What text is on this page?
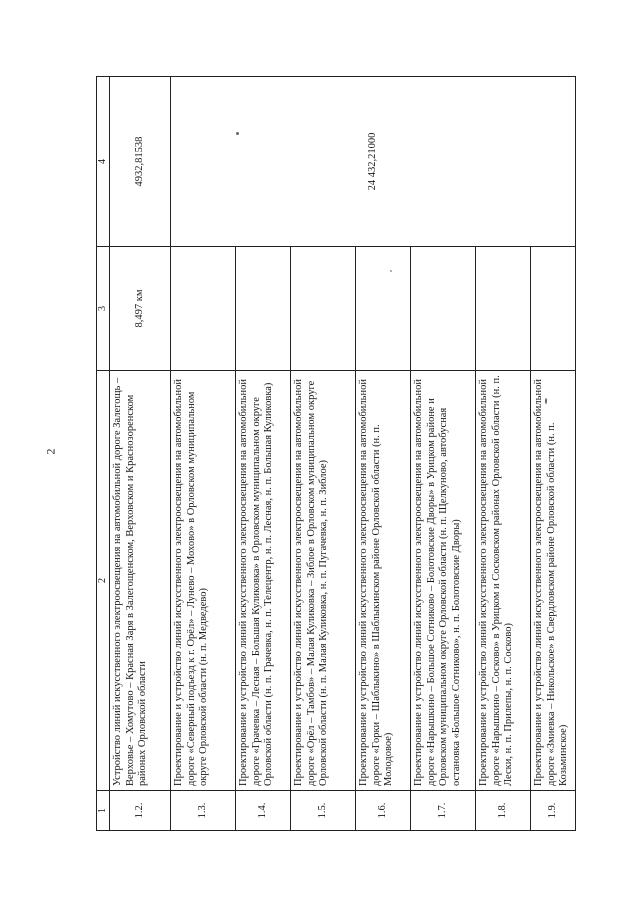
2
1	2	3	4
1.2.	Устройство линий искусственного электроосвещения на автомобильной дороге Залегощь – Верховье – Хомутово – Красная Заря в Залегощенском, Верховском и Краснозоренском районах Орловской области	8,497 км	4932,81538
1.3.	Проектирование и устройство линий искусственного электроосвещения на автомобильной дороге «Северный подъезд к г. Орёл» – Лунево – Мохово» в Орловском муниципальном округе Орловской области (н. п. Медведево)		24 432,21000
1.4.	Проектирование и устройство линий искусственного электроосвещения на автомобильной дороге «Грачевка – Лесная – Большая Куликовка» в Орловском муниципальном округе Орловской области (н. п. Грачевка, н. п. Телецентр, н. п. Лесная, н. п. Большая Куликовка)		
1.5.	Проектирование и устройство линий искусственного электроосвещения на автомобильной дороге «Орёл – Тамбов» – Малая Куликовка – Зиблое в Орловском муниципальном округе Орловской области (н. п. Малая Куликовка, н. п. Пугачевка, н. п. Зиблое)		
1.6.	Проектирование и устройство линий искусственного электроосвещения на автомобильной дороге «Горки – Шаблыкино» в Шаблыкинском районе Орловской области (н. п. Молодовое)		
1.7.	Проектирование и устройство линий искусственного электроосвещения на автомобильной дороге «Нарышкино – Большое Сотниково – Болотовские Дворы» в Урицком районе и Орловском муниципальном округе Орловской области (н. п. Щелкуново, автобусная остановка «Большое Сотниково», н. п. Болотовские Дворы)		
1.8.	Проектирование и устройство линий искусственного электроосвещения на автомобильной дороге «Нарышкино – Сосково» в Урицком и Сосковском районах Орловской области (н. п. Лески, н. п. Прилепы, н. п. Сосково)		
1.9.	Проектирование и устройство линий искусственного электроосвещения на автомобильной дороге «Змиевка – Никольское» в Свердловском районе Орловской области (н. п. Козьминское)		
